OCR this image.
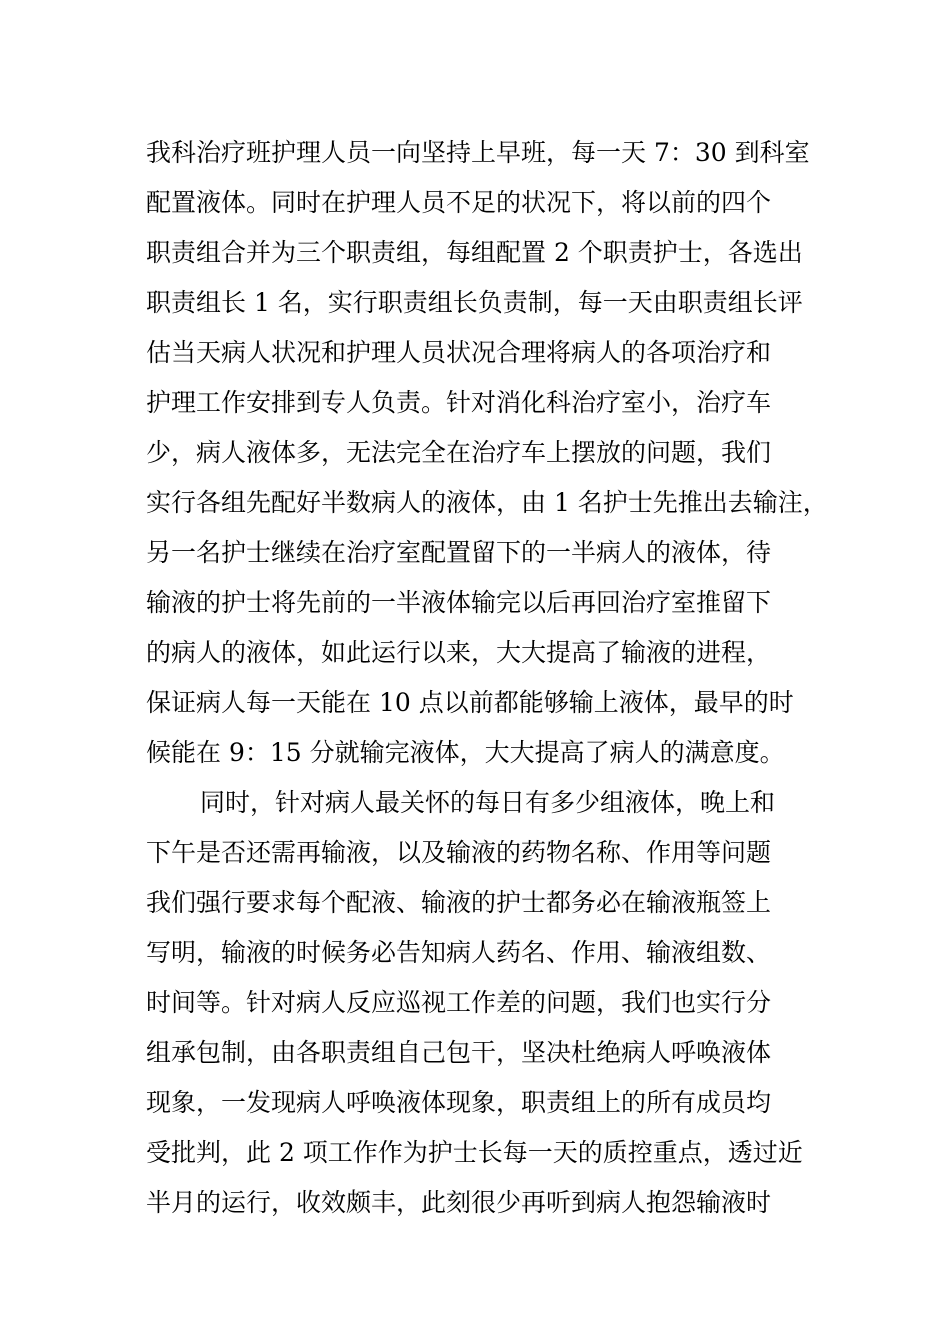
我科治疗班护理人员一向坚持上早班，每一天 7：30 到科室
配置液体。同时在护理人员不足的状况下，将以前的四个
职责组合并为三个职责组，每组配置 2 个职责护士，各选出
职责组长 1 名，实行职责组长负责制，每一天由职责组长评
估当天病人状况和护理人员状况合理将病人的各项治疗和
护理工作安排到专人负责。针对消化科治疗室小，治疗车
少，病人液体多，无法完全在治疗车上摆放的问题，我们
实行各组先配好半数病人的液体，由 1 名护士先推出去输注，
另一名护士继续在治疗室配置留下的一半病人的液体，待
输液的护士将先前的一半液体输完以后再回治疗室推留下
的病人的液体，如此运行以来，大大提高了输液的进程，
保证病人每一天能在 10 点以前都能够输上液体，最早的时
候能在 9：15 分就输完液体，大大提高了病人的满意度。
同时，针对病人最关怀的每日有多少组液体，晚上和
下午是否还需再输液，以及输液的药物名称、作用等问题
我们强行要求每个配液、输液的护士都务必在输液瓶签上
写明，输液的时候务必告知病人药名、作用、输液组数、
时间等。针对病人反应巡视工作差的问题，我们也实行分
组承包制，由各职责组自己包干，坚决杜绝病人呼唤液体
现象，一发现病人呼唤液体现象，职责组上的所有成员均
受批判，此 2 项工作作为护士长每一天的质控重点，透过近
半月的运行，收效颇丰，此刻很少再听到病人抱怨输液时
